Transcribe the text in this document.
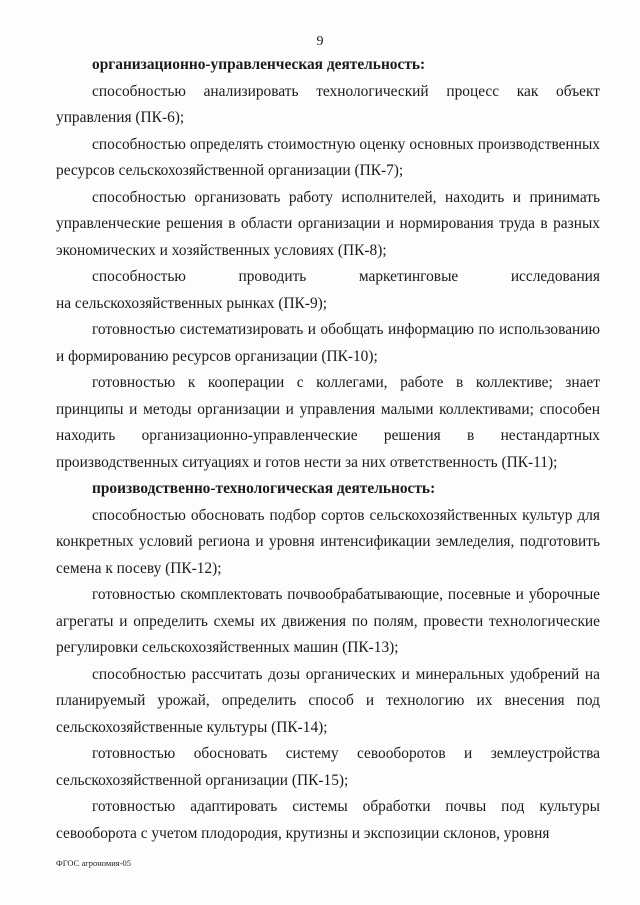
9

организационно-управленческая деятельность:

способностью анализировать технологический процесс как объект управления (ПК-6);

способностью определять стоимостную оценку основных производственных ресурсов сельскохозяйственной организации (ПК-7);

способностью организовать работу исполнителей, находить и принимать управленческие решения в области организации и нормирования труда в разных экономических и хозяйственных условиях (ПК-8);

способностью	проводить	маркетинговые	исследования

на сельскохозяйственных рынках (ПК-9);

готовностью систематизировать и обобщать информацию по использованию и формированию ресурсов организации (ПК-10);

готовностью к кооперации с коллегами, работе в коллективе; знает принципы и методы организации и управления малыми коллективами; способен находить организационно-управленческие решения в нестандартных производственных ситуациях и готов нести за них ответственность (ПК-11);

производственно-технологическая деятельность:

способностью обосновать подбор сортов сельскохозяйственных культур для конкретных условий региона и уровня интенсификации земледелия, подготовить семена к посеву (ПК-12);

готовностью скомплектовать почвообрабатывающие, посевные и уборочные агрегаты и определить схемы их движения по полям, провести технологические регулировки сельскохозяйственных машин (ПК-13);

способностью рассчитать дозы органических и минеральных удобрений на планируемый урожай, определить способ и технологию их внесения под сельскохозяйственные культуры (ПК-14);

готовностью обосновать систему севооборотов и землеустройства

сельскохозяйственной организации (ПК-15);

готовностью адаптировать системы обработки почвы под культуры севооборота с учетом плодородия, крутизны и экспозиции склонов, уровня

ФГОС агрономия-05
